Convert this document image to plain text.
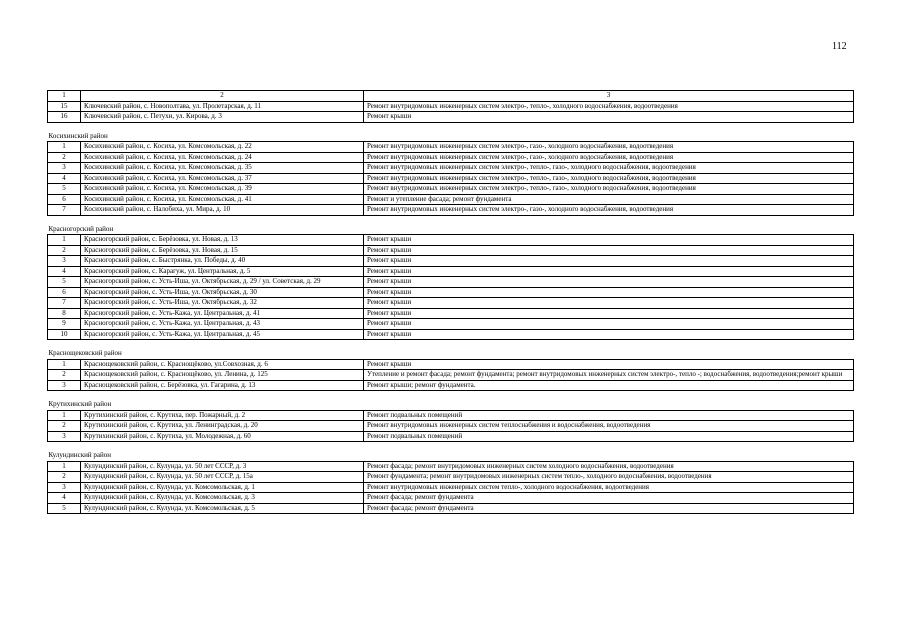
112
1	2	3
15	Ключевский район, с. Новополтава, ул. Пролетарская, д. 11	Ремонт внутридомовых инженерных систем электро-, тепло-, холодного водоснабжения, водоотведения
16	Ключевский район, с. Петухи, ул. Кирова, д. 3	Ремонт крыши
Косихинский район		
1	Косихинский район, с. Косиха, ул. Комсомольская, д. 22	Ремонт внутридомовых инженерных систем электро-, газо-, холодного водоснабжения, водоотведения
2	Косихинский район, с. Косиха, ул. Комсомольская, д. 24	Ремонт внутридомовых инженерных систем электро-, газо-, холодного водоснабжения, водоотведения
3	Косихинский район, с. Косиха, ул. Комсомольская, д. 35	Ремонт внутридомовых инженерных систем электро-, тепло-, газо-, холодного водоснабжения, водоотведения
4	Косихинский район, с. Косиха, ул. Комсомольская, д. 37	Ремонт внутридомовых инженерных систем электро-, тепло-, газо-, холодного водоснабжения, водоотведения
5	Косихинский район, с. Косиха, ул. Комсомольская, д. 39	Ремонт внутридомовых инженерных систем электро-, тепло-, газо-, холодного водоснабжения, водоотведения
6	Косихинский район, с. Косиха, ул. Комсомольская, д. 41	Ремонт и утепление фасада; ремонт фундамента
7	Косихинский район, с. Налобиха, ул. Мира, д. 10	Ремонт внутридомовых инженерных систем электро-, газо-, холодного водоснабжения, водоотведения
Красногорский район		
1	Красногорский район, с. Берёзовка, ул. Новая, д. 13	Ремонт крыши
2	Красногорский район, с. Берёзовка, ул. Новая, д. 15	Ремонт крыши
3	Красногорский район, с. Быстрянка, ул. Победы, д. 40	Ремонт крыши
4	Красногорский район, с. Карагуж, ул. Центральная, д. 5	Ремонт крыши
5	Красногорский район, с. Усть-Иша, ул. Октябрьская, д. 29 / ул. Советская, д. 29	Ремонт крыши
6	Красногорский район, с. Усть-Иша, ул. Октябрьская, д. 30	Ремонт крыши
7	Красногорский район, с. Усть-Иша, ул. Октябрьская, д. 32	Ремонт крыши
8	Красногорский район, с. Усть-Кажа, ул. Центральная, д. 41	Ремонт крыши
9	Красногорский район, с. Усть-Кажа, ул. Центральная, д. 43	Ремонт крыши
10	Красногорский район, с. Усть-Кажа, ул. Центральная, д. 45	Ремонт крыши
Краснощековский район		
1	Краснощековский район, с. Краснощёково, ул.Совхозная, д. 6	Ремонт крыши
2	Краснощековский район, с. Краснощёково, ул. Ленина, д. 125	Утепление и ремонт фасада; ремонт фундамента; ремонт внутридомовых инженерных систем электро-, тепло -; водоснабжения, водоотведения;ремонт крыши
3	Краснощековский район, с. Берёзовка, ул. Гагарина, д. 13	Ремонт крыши; ремонт фундамента.
Крутихинский район		
1	Крутихинский район, с. Крутиха, пер. Пожарный, д. 2	Ремонт подвальных помещений
2	Крутихинский район, с. Крутиха, ул. Ленинградская, д. 20	Ремонт внутридомовых инженерных систем теплоснабжения и водоснабжения, водоотведения
3	Крутихинский район, с. Крутиха, ул. Молодежная, д. 60	Ремонт подвальных помещений
Кулундинский район		
1	Кулундинский район, с. Кулунда, ул. 50 лет СССР, д. 3	Ремонт фасада; ремонт внутридомовых инженерных систем холодного водоснабжения, водоотведения
2	Кулундинский район, с. Кулунда, ул. 50 лет СССР, д. 15а	Ремонт фундамента; ремонт внутридомовых инженерных систем тепло-, холодного водоснабжения, водоотведения
3	Кулундинский район, с. Кулунда, ул. Комсомольская, д. 1	Ремонт внутридомовых инженерных систем тепло-, холодного водоснабжения, водоотведения
4	Кулундинский район, с. Кулунда, ул. Комсомольская, д. 3	Ремонт фасада; ремонт фундамента
5	Кулундинский район, с. Кулунда, ул. Комсомольская, д. 5	Ремонт фасада; ремонт фундамента
